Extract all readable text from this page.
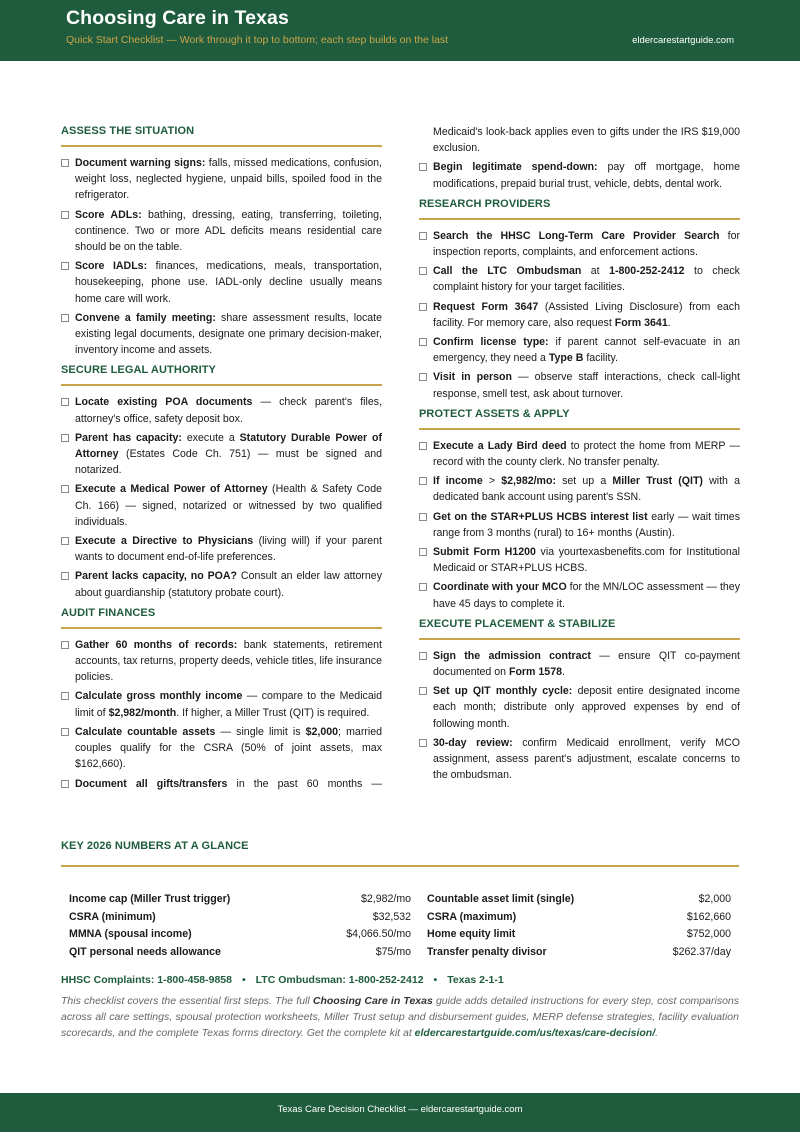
Choosing Care in Texas
Quick Start Checklist — Work through it top to bottom; each step builds on the last	eldercarestartguide.com
ASSESS THE SITUATION
Document warning signs: falls, missed medications, confusion, weight loss, neglected hygiene, unpaid bills, spoiled food in the refrigerator.
Score ADLs: bathing, dressing, eating, transferring, toileting, continence. Two or more ADL deficits means residential care should be on the table.
Score IADLs: finances, medications, meals, transportation, housekeeping, phone use. IADL-only decline usually means home care will work.
Convene a family meeting: share assessment results, locate existing legal documents, designate one primary decision-maker, inventory income and assets.
SECURE LEGAL AUTHORITY
Locate existing POA documents — check parent's files, attorney's office, safety deposit box.
Parent has capacity: execute a Statutory Durable Power of Attorney (Estates Code Ch. 751) — must be signed and notarized.
Execute a Medical Power of Attorney (Health & Safety Code Ch. 166) — signed, notarized or witnessed by two qualified individuals.
Execute a Directive to Physicians (living will) if your parent wants to document end-of-life preferences.
Parent lacks capacity, no POA? Consult an elder law attorney about guardianship (statutory probate court).
AUDIT FINANCES
Gather 60 months of records: bank statements, retirement accounts, tax returns, property deeds, vehicle titles, life insurance policies.
Calculate gross monthly income — compare to the Medicaid limit of $2,982/month. If higher, a Miller Trust (QIT) is required.
Calculate countable assets — single limit is $2,000; married couples qualify for the CSRA (50% of joint assets, max $162,660).
Document all gifts/transfers in the past 60 months —
Medicaid's look-back applies even to gifts under the IRS $19,000 exclusion.
Begin legitimate spend-down: pay off mortgage, home modifications, prepaid burial trust, vehicle, debts, dental work.
RESEARCH PROVIDERS
Search the HHSC Long-Term Care Provider Search for inspection reports, complaints, and enforcement actions.
Call the LTC Ombudsman at 1-800-252-2412 to check complaint history for your target facilities.
Request Form 3647 (Assisted Living Disclosure) from each facility. For memory care, also request Form 3641.
Confirm license type: if parent cannot self-evacuate in an emergency, they need a Type B facility.
Visit in person — observe staff interactions, check call-light response, smell test, ask about turnover.
PROTECT ASSETS & APPLY
Execute a Lady Bird deed to protect the home from MERP — record with the county clerk. No transfer penalty.
If income > $2,982/mo: set up a Miller Trust (QIT) with a dedicated bank account using parent's SSN.
Get on the STAR+PLUS HCBS interest list early — wait times range from 3 months (rural) to 16+ months (Austin).
Submit Form H1200 via yourtexasbenefits.com for Institutional Medicaid or STAR+PLUS HCBS.
Coordinate with your MCO for the MN/LOC assessment — they have 45 days to complete it.
EXECUTE PLACEMENT & STABILIZE
Sign the admission contract — ensure QIT co-payment documented on Form 1578.
Set up QIT monthly cycle: deposit entire designated income each month; distribute only approved expenses by end of following month.
30-day review: confirm Medicaid enrollment, verify MCO assignment, assess parent's adjustment, escalate concerns to the ombudsman.
KEY 2026 NUMBERS AT A GLANCE
Income cap (Miller Trust trigger)	$2,982/mo	Countable asset limit (single)	$2,000
CSRA (minimum)	$32,532	CSRA (maximum)	$162,660
MMNA (spousal income)	$4,066.50/mo	Home equity limit	$752,000
QIT personal needs allowance	$75/mo	Transfer penalty divisor	$262.37/day
HHSC Complaints: 1-800-458-9858 • LTC Ombudsman: 1-800-252-2412 • Texas 2-1-1
This checklist covers the essential first steps. The full Choosing Care in Texas guide adds detailed instructions for every step, cost comparisons across all care settings, spousal protection worksheets, Miller Trust setup and disbursement guides, MERP defense strategies, facility evaluation scorecards, and the complete Texas forms directory. Get the complete kit at eldercarestartguide.com/us/texas/care-decision/.
Texas Care Decision Checklist — eldercarestartguide.com
